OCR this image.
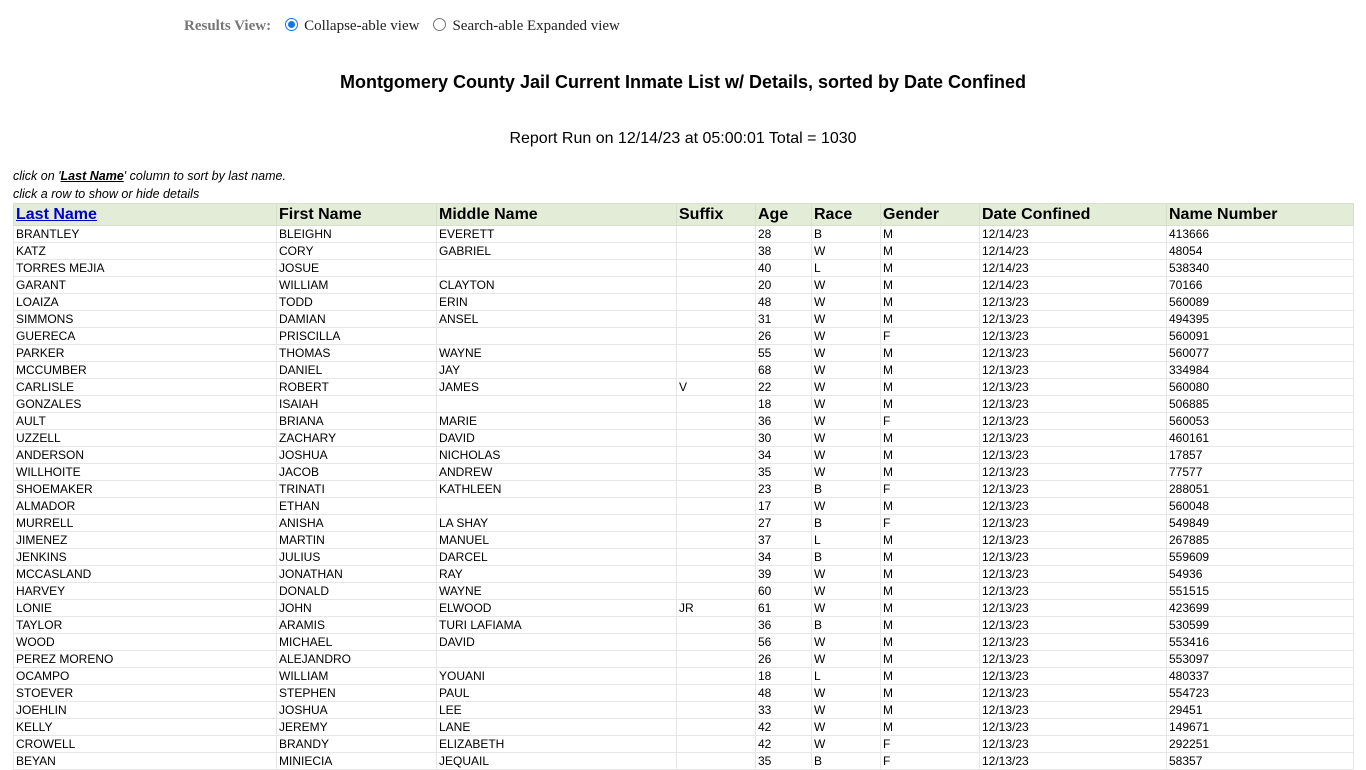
Results View: Collapse-able view Search-able Expanded view
Montgomery County Jail Current Inmate List w/ Details, sorted by Date Confined
Report Run on 12/14/23 at 05:00:01 Total = 1030
click on 'Last Name' column to sort by last name.
click a row to show or hide details
Last Name	First Name	Middle Name	Suffix	Age	Race	Gender	Date Confined	Name Number
BRANTLEY	BLEIGHN	EVERETT		28	B	M	12/14/23	413666
KATZ	CORY	GABRIEL		38	W	M	12/14/23	48054
TORRES MEJIA	JOSUE			40	L	M	12/14/23	538340
GARANT	WILLIAM	CLAYTON		20	W	M	12/14/23	70166
LOAIZA	TODD	ERIN		48	W	M	12/13/23	560089
SIMMONS	DAMIAN	ANSEL		31	W	M	12/13/23	494395
GUERECA	PRISCILLA			26	W	F	12/13/23	560091
PARKER	THOMAS	WAYNE		55	W	M	12/13/23	560077
MCCUMBER	DANIEL	JAY		68	W	M	12/13/23	334984
CARLISLE	ROBERT	JAMES	V	22	W	M	12/13/23	560080
GONZALES	ISAIAH			18	W	M	12/13/23	506885
AULT	BRIANA	MARIE		36	W	F	12/13/23	560053
UZZELL	ZACHARY	DAVID		30	W	M	12/13/23	460161
ANDERSON	JOSHUA	NICHOLAS		34	W	M	12/13/23	17857
WILLHOITE	JACOB	ANDREW		35	W	M	12/13/23	77577
SHOEMAKER	TRINATI	KATHLEEN		23	B	F	12/13/23	288051
ALMADOR	ETHAN			17	W	M	12/13/23	560048
MURRELL	ANISHA	LA SHAY		27	B	F	12/13/23	549849
JIMENEZ	MARTIN	MANUEL		37	L	M	12/13/23	267885
JENKINS	JULIUS	DARCEL		34	B	M	12/13/23	559609
MCCASLAND	JONATHAN	RAY		39	W	M	12/13/23	54936
HARVEY	DONALD	WAYNE		60	W	M	12/13/23	551515
LONIE	JOHN	ELWOOD	JR	61	W	M	12/13/23	423699
TAYLOR	ARAMIS	TURI LAFIAMA		36	B	M	12/13/23	530599
WOOD	MICHAEL	DAVID		56	W	M	12/13/23	553416
PEREZ MORENO	ALEJANDRO			26	W	M	12/13/23	553097
OCAMPO	WILLIAM	YOUANI		18	L	M	12/13/23	480337
STOEVER	STEPHEN	PAUL		48	W	M	12/13/23	554723
JOEHLIN	JOSHUA	LEE		33	W	M	12/13/23	29451
KELLY	JEREMY	LANE		42	W	M	12/13/23	149671
CROWELL	BRANDY	ELIZABETH		42	W	F	12/13/23	292251
BEYAN	MINIECIA	JEQUAIL		35	B	F	12/13/23	58357
